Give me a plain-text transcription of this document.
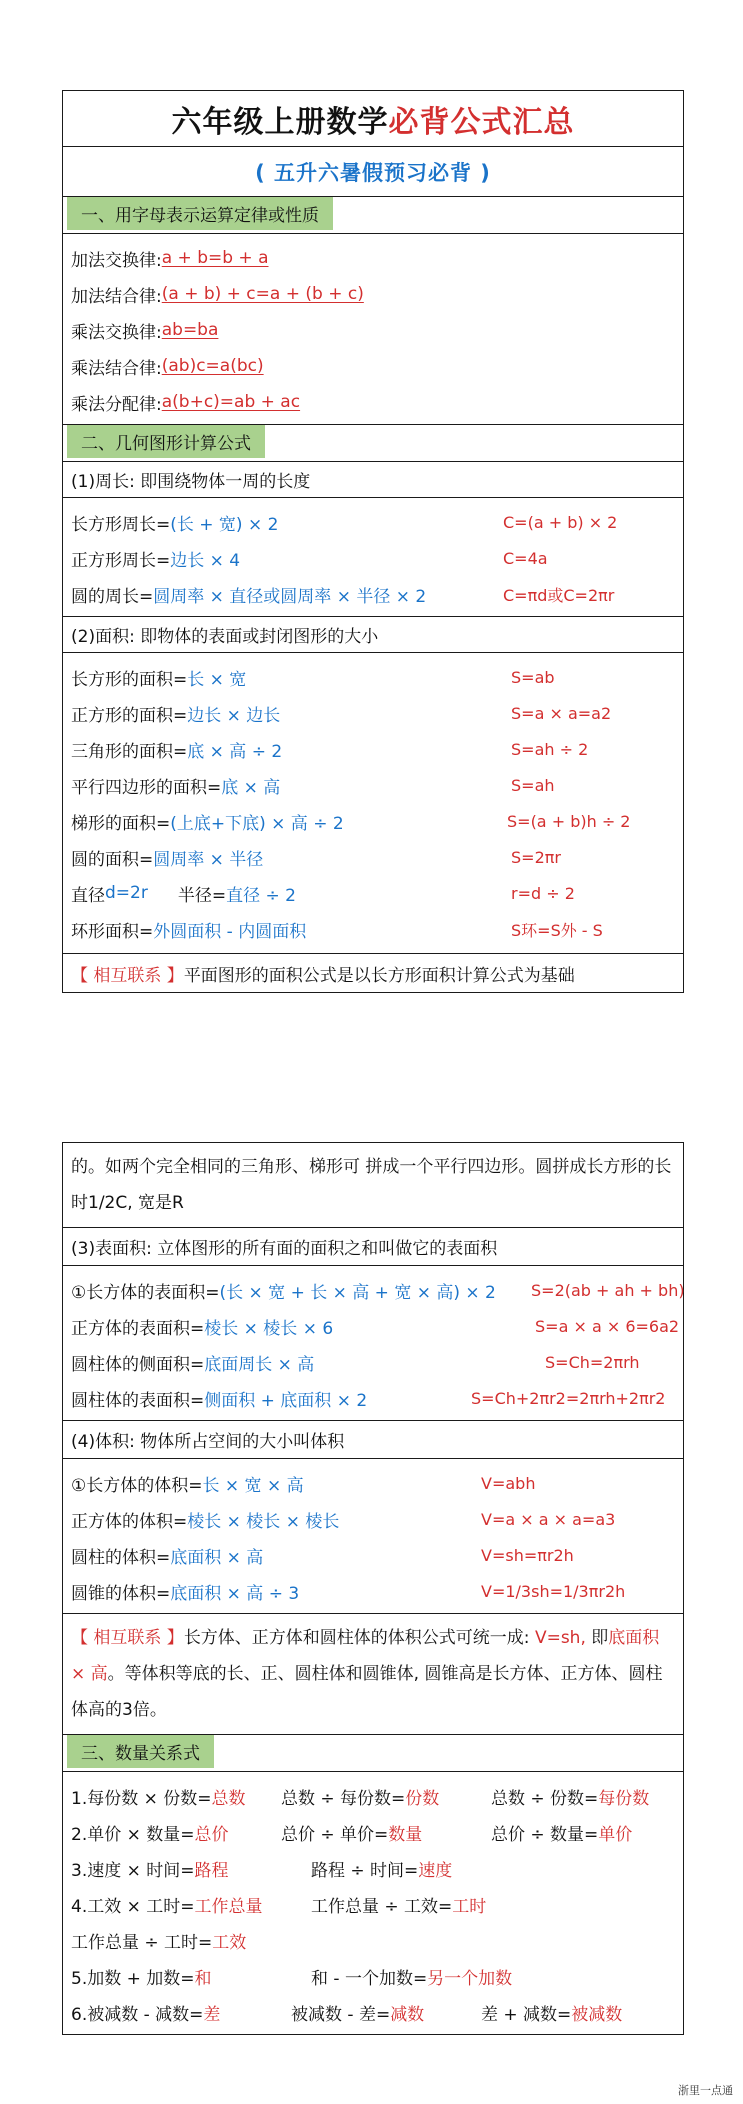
六年级上册数学 必背公式汇总
( 五升六暑假预习必背 )
一、用字母表示运算定律或性质
加法交换律: a + b=b + a
加法结合律: (a + b) + c=a + (b + c)
乘法交换律: ab=ba
乘法结合律: (ab)c=a(bc)
乘法分配律: a(b+c)=ab + ac
二、几何图形计算公式
(1)周长: 即围绕物体一周的长度
长方形周长= (长 + 宽) × 2	C=(a + b) × 2
正方形周长= 边长 × 4	C=4a
圆的周长= 圆周率 × 直径或圆周率 × 半径 × 2	C=πd或C=2πr
(2)面积: 即物体的表面或封闭图形的大小
长方形的面积= 长 × 宽	S=ab
正方形的面积= 边长 × 边长	S=a × a=a2
三角形的面积= 底 × 高 ÷ 2	S=ah ÷ 2
平行四边形的面积= 底 × 高	S=ah
梯形的面积= (上底+下底) × 高 ÷ 2	S=(a + b)h ÷ 2
圆的面积= 圆周率 × 半径	S=2πr
直径 d=2r 半径= 直径 ÷ 2	r=d ÷ 2
环形面积= 外圆面积 - 内圆面积	S环=S外 - S
【 相互联系 】 平面图形的面积公式是以长方形面积计算公式为基础
的。如两个完全相同的三角形、梯形可 拼成一个平行四边形。圆拼成长方形的长时1/2C, 宽是R
(3)表面积: 立体图形的所有面的面积之和叫做它的表面积
①长方体的表面积= (长 × 宽 + 长 × 高 + 宽 × 高) × 2 S=2(ab + ah + bh)
正方体的表面积= 棱长 × 棱长 × 6	S=a × a × 6=6a2
圆柱体的侧面积= 底面周长 × 高	S=Ch=2πrh
圆柱体的表面积= 侧面积 + 底面积 × 2	S=Ch+2πr2=2πrh+2πr2
(4)体积: 物体所占空间的大小叫体积
①长方体的体积= 长 × 宽 × 高	V=abh
正方体的体积= 棱长 × 棱长 × 棱长	V=a × a × a=a3
圆柱的体积= 底面积 × 高	V=sh=πr2h
圆锥的体积= 底面积 × 高 ÷ 3	V=1/3sh=1/3πr2h
【 相互联系 】长方体、正方体和圆柱体的体积公式可统一成: V=sh, 即底面积 × 高。等体积等底的长、正、圆柱体和圆锥体, 圆锥高是长方体、正方体、圆柱体高的3倍。
三、数量关系式
1.每份数 × 份数=总数 总数 ÷ 每份数=份数	总数 ÷ 份数=每份数
2.单价 × 数量=总价	总价 ÷ 单价=数量	总价 ÷ 数量=单价
3.速度 × 时间=路程	路程 ÷ 时间=速度
4.工效 × 工时=工作总量	工作总量 ÷ 工效=工时
工作总量 ÷ 工时=工效
5.加数 + 加数=和	和 - 一个加数=另一个加数
6.被减数 - 减数=差	被减数 - 差=减数	差 + 减数=被减数
浙里一点通
